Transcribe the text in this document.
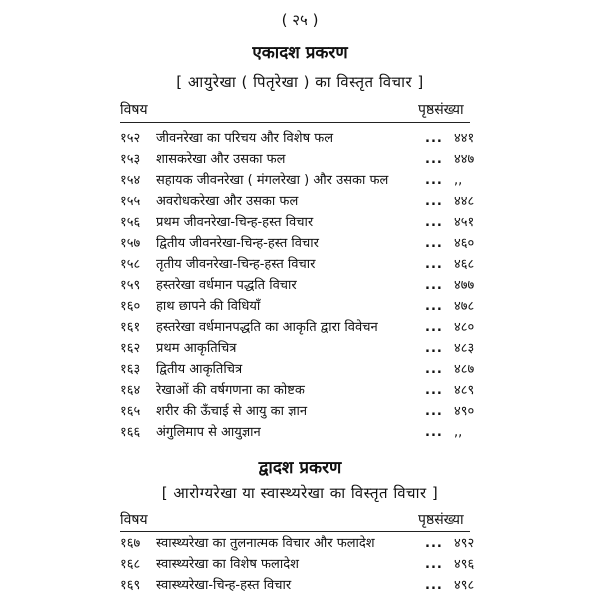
( २५ )
एकादश प्रकरण
[ आयुरेखा ( पितृरेखा ) का विस्तृत विचार ]
विषय	पृष्ठसंख्या
१५२	जीवनरेखा का परिचय और विशेष फल	... ४४१
१५३	शासकरेखा और उसका फल	... ४४७
१५४	सहायक जीवनरेखा ( मंगलरेखा ) और उसका फल	... ,,
१५५	अवरोधकरेखा और उसका फल	... ४४८
१५६	प्रथम जीवनरेखा-चिन्ह-हस्त विचार	... ४५१
१५७	द्वितीय जीवनरेखा-चिन्ह-हस्त विचार	... ४६०
१५८	तृतीय जीवनरेखा-चिन्ह-हस्त विचार	... ४६८
१५९	हस्तरेखा वर्धमान पद्धति विचार	... ४७७
१६०	हाथ छापने की विधियाँ	... ४७८
१६१	हस्तरेखा वर्धमानपद्धति का आकृति द्वारा विवेचन	... ४८०
१६२	प्रथम आकृतिचित्र	... ४८३
१६३	द्वितीय आकृतिचित्र	... ४८७
१६४	रेखाओं की वर्षगणना का कोष्टक	... ४८९
१६५	शरीर की ऊँचाई से आयु का ज्ञान	... ४९०
१६६	अंगुलिमाप से आयुज्ञान	... ,,
द्वादश प्रकरण
[ आरोग्यरेखा या स्वास्थ्यरेखा का विस्तृत विचार ]
विषय	पृष्ठसंख्या
१६७	स्वास्थ्यरेखा का तुलनात्मक विचार और फलादेश	... ४९२
१६८	स्वास्थ्यरेखा का विशेष फलादेश	... ४९६
१६९	स्वास्थ्यरेखा-चिन्ह-हस्त विचार	... ४९८
